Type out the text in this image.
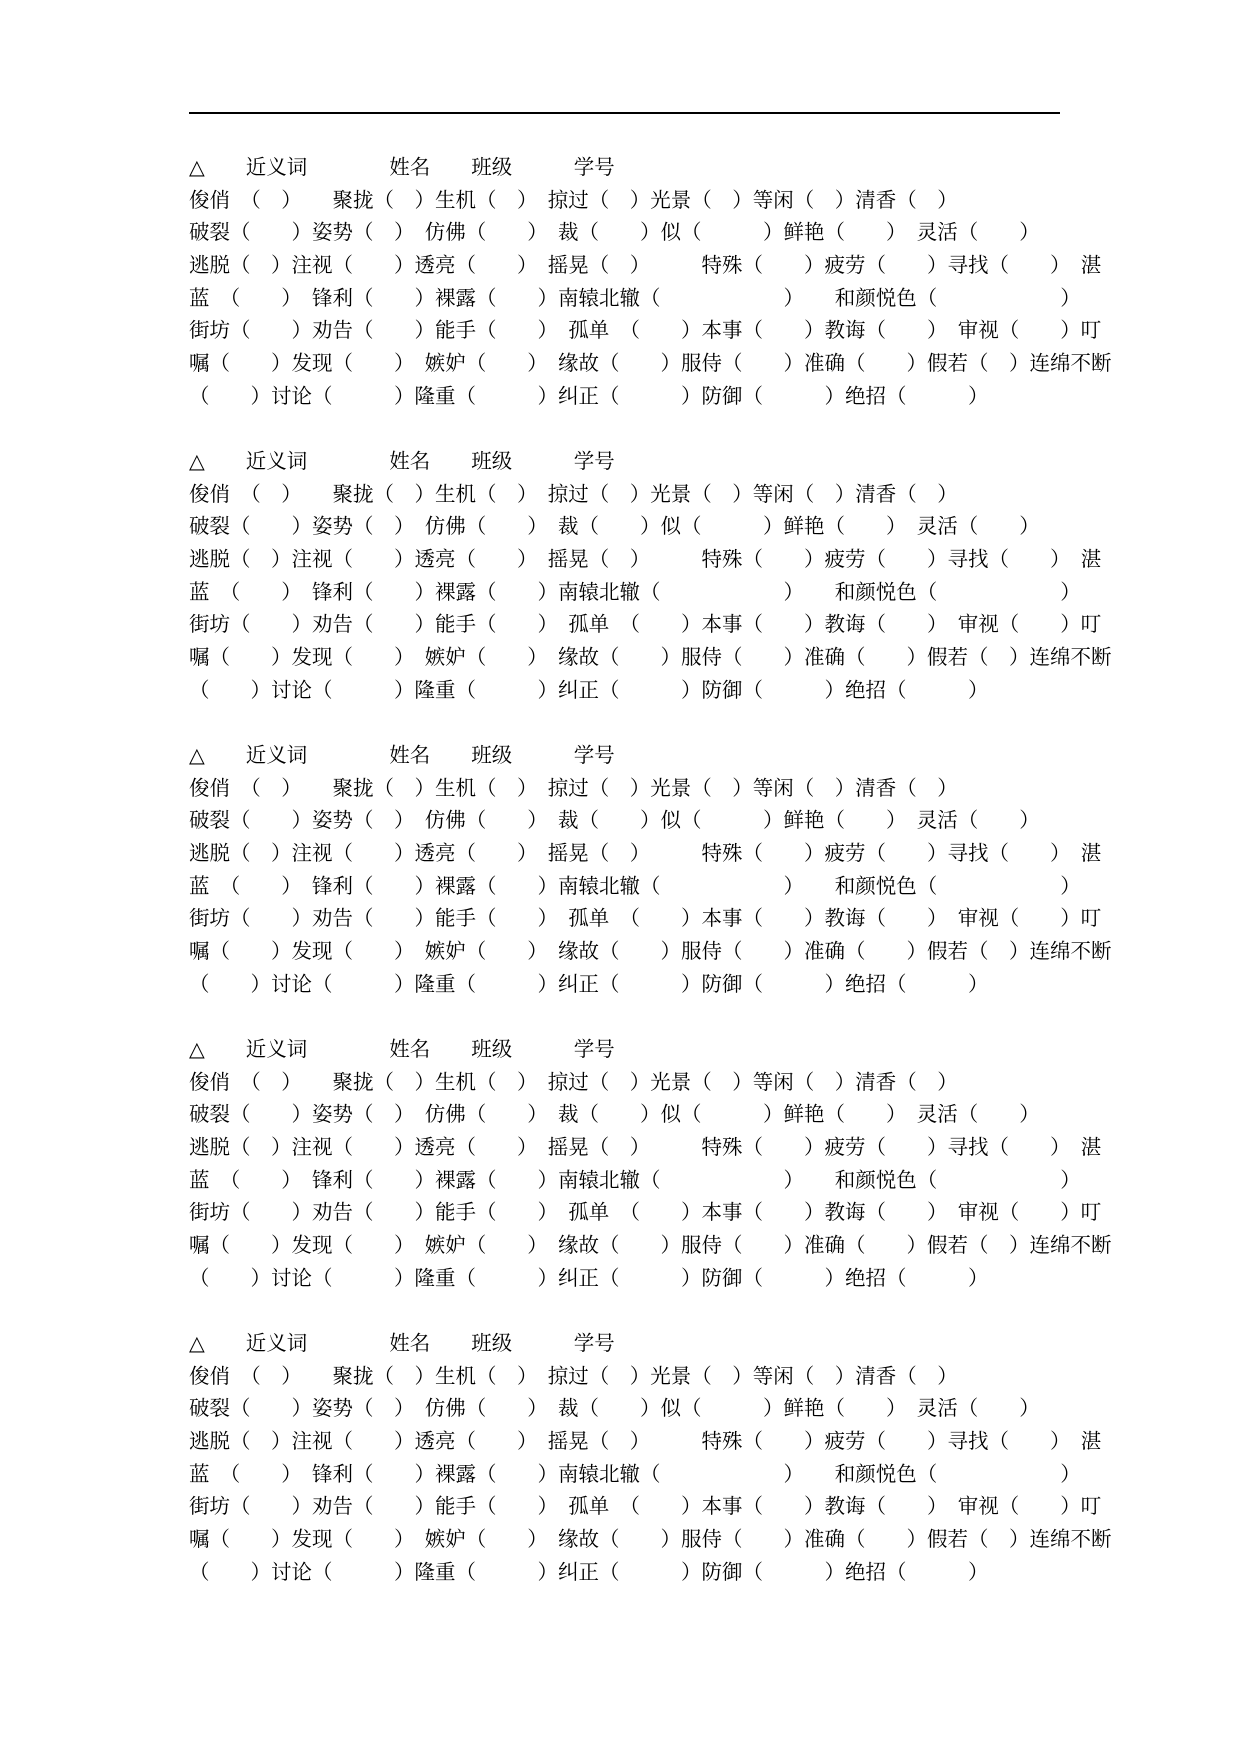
△　　近义词　　　　姓名　　班级　　　学号
俊俏　（　）　　聚拢（　）生机（　）　掠过（　）光景（　）等闲（　）清香（　）
破裂（　　）姿势（　）　仿佛（　　）　裁（　　）似（　　　）鲜艳（　　）　灵活（　　）
逃脱（　）注视（　　）透亮（　　）　摇晃（　）　　　特殊（　　）疲劳（　　）寻找（　　）　湛
蓝　（　　）　锋利（　　）裸露（　　）南辕北辙（　　　　　　）　　和颜悦色（　　　　　　）
街坊（　　）劝告（　　）能手（　　）　孤单　（　　）本事（　　）教诲（　　）　审视（　　）叮
嘱（　　）发现（　　）　嫉妒（　　）　缘故（　　）服侍（　　）准确（　　）假若（　）连绵不断
（　　）讨论（　　　）隆重（　　　）纠正（　　　）防御（　　　）绝招（　　　）
△　　近义词　　　　姓名　　班级　　　学号
俊俏　（　）　　聚拢（　）生机（　）　掠过（　）光景（　）等闲（　）清香（　）
破裂（　　）姿势（　）　仿佛（　　）　裁（　　）似（　　　）鲜艳（　　）　灵活（　　）
逃脱（　）注视（　　）透亮（　　）　摇晃（　）　　　特殊（　　）疲劳（　　）寻找（　　）　湛
蓝　（　　）　锋利（　　）裸露（　　）南辕北辙（　　　　　　）　　和颜悦色（　　　　　　）
街坊（　　）劝告（　　）能手（　　）　孤单　（　　）本事（　　）教诲（　　）　审视（　　）叮
嘱（　　）发现（　　）　嫉妒（　　）　缘故（　　）服侍（　　）准确（　　）假若（　）连绵不断
（　　）讨论（　　　）隆重（　　　）纠正（　　　）防御（　　　）绝招（　　　）
△　　近义词　　　　姓名　　班级　　　学号
俊俏　（　）　　聚拢（　）生机（　）　掠过（　）光景（　）等闲（　）清香（　）
破裂（　　）姿势（　）　仿佛（　　）　裁（　　）似（　　　）鲜艳（　　）　灵活（　　）
逃脱（　）注视（　　）透亮（　　）　摇晃（　）　　　特殊（　　）疲劳（　　）寻找（　　）　湛
蓝　（　　）　锋利（　　）裸露（　　）南辕北辙（　　　　　　）　　和颜悦色（　　　　　　）
街坊（　　）劝告（　　）能手（　　）　孤单　（　　）本事（　　）教诲（　　）　审视（　　）叮
嘱（　　）发现（　　）　嫉妒（　　）　缘故（　　）服侍（　　）准确（　　）假若（　）连绵不断
（　　）讨论（　　　）隆重（　　　）纠正（　　　）防御（　　　）绝招（　　　）
△　　近义词　　　　姓名　　班级　　　学号
俊俏　（　）　　聚拢（　）生机（　）　掠过（　）光景（　）等闲（　）清香（　）
破裂（　　）姿势（　）　仿佛（　　）　裁（　　）似（　　　）鲜艳（　　）　灵活（　　）
逃脱（　）注视（　　）透亮（　　）　摇晃（　）　　　特殊（　　）疲劳（　　）寻找（　　）　湛
蓝　（　　）　锋利（　　）裸露（　　）南辕北辙（　　　　　　）　　和颜悦色（　　　　　　）
街坊（　　）劝告（　　）能手（　　）　孤单　（　　）本事（　　）教诲（　　）　审视（　　）叮
嘱（　　）发现（　　）　嫉妒（　　）　缘故（　　）服侍（　　）准确（　　）假若（　）连绵不断
（　　）讨论（　　　）隆重（　　　）纠正（　　　）防御（　　　）绝招（　　　）
△　　近义词　　　　姓名　　班级　　　学号
俊俏　（　）　　聚拢（　）生机（　）　掠过（　）光景（　）等闲（　）清香（　）
破裂（　　）姿势（　）　仿佛（　　）　裁（　　）似（　　　）鲜艳（　　）　灵活（　　）
逃脱（　）注视（　　）透亮（　　）　摇晃（　）　　　特殊（　　）疲劳（　　）寻找（　　）　湛
蓝　（　　）　锋利（　　）裸露（　　）南辕北辙（　　　　　　）　　和颜悦色（　　　　　　）
街坊（　　）劝告（　　）能手（　　）　孤单　（　　）本事（　　）教诲（　　）　审视（　　）叮
嘱（　　）发现（　　）　嫉妒（　　）　缘故（　　）服侍（　　）准确（　　）假若（　）连绵不断
（　　）讨论（　　　）隆重（　　　）纠正（　　　）防御（　　　）绝招（　　　）
